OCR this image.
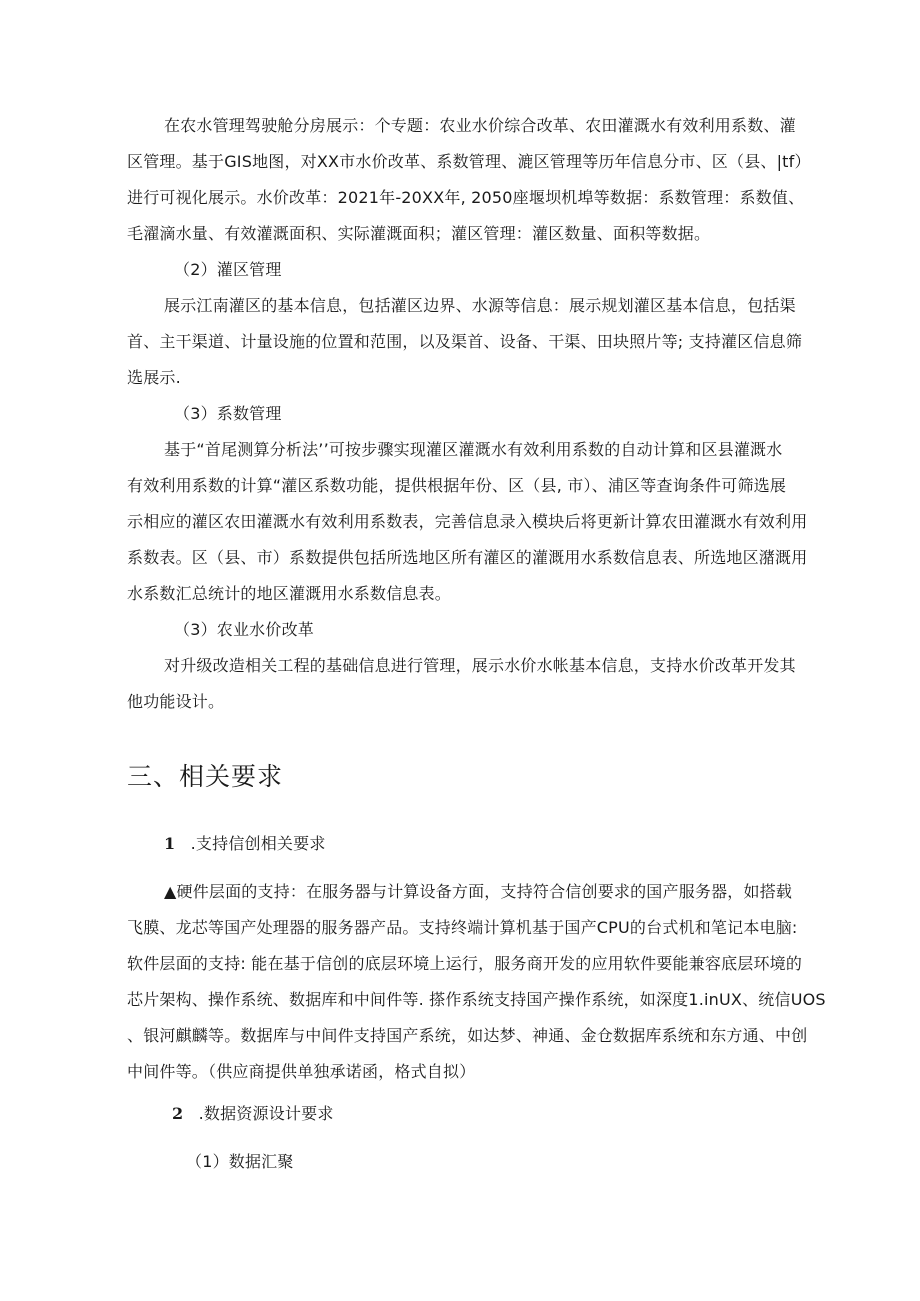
在农水管理驾驶舱分房展示：个专题：农业水价综合改革、农田灌溉水有效利用系数、灌
区管理。基于GIS地图，对XX市水价改革、系数管理、漉区管理等历年信息分市、区（县、|tf）
进行可视化展示。水价改革：2021年-20XX年, 2050座堰坝机埠等数据：系数管理：系数值、
毛濯滴水量、有效灌溉面积、实际灌溉面积；灌区管理：灌区数量、面积等数据。
（2）灌区管理
展示江南灌区的基本信息，包括灌区边界、水源等信息：展示规划灌区基本信息，包括渠
首、主干渠道、计量设施的位置和范围，以及渠首、设备、干渠、田块照片等; 支持灌区信息筛
选展示.
（3）系数管理
基于“首尾测算分析法’’可按步骤实现灌区灌溉水有效利用系数的自动计算和区县灌溉水
有效利用系数的计算“灌区系数功能，提供根据年份、区（县, 市）、浦区等查询条件可筛选展
示相应的灌区农田灌溉水有效利用系数表，完善信息录入模块后将更新计算农田灌溉水有效利用
系数表。区（县、市）系数提供包括所选地区所有灌区的灌溉用水系数信息表、所选地区潴溉用
水系数汇总统计的地区灌溉用水系数信息表。
（3）农业水价改革
对升级改造相关工程的基础信息进行管理，展示水价水帐基本信息，支持水价改革开发其
他功能设计。
三、相关要求
1 .支持信创相关要求
▲硬件层面的支持：在服务器与计算设备方面，支持符合信创要求的国产服务器，如搭载
飞膜、龙芯等国产处理器的服务器产品。支持终端计算机基于国产CPU的台式机和笔记本电脑:
软件层面的支持: 能在基于信创的底层环境上运行，服务商开发的应用软件要能兼容底层环境的
芯片架构、操作系统、数据库和中间件等. 搽作系统支持国产操作系统，如深度1.inUX、统信UOS
、银河麒麟等。数据库与中间件支持国产系统，如达梦、神通、金仓数据库系统和东方通、中创
中间件等。（供应商提供单独承诺函，格式自拟）
2 .数据资源设计要求
（1）数据汇聚
